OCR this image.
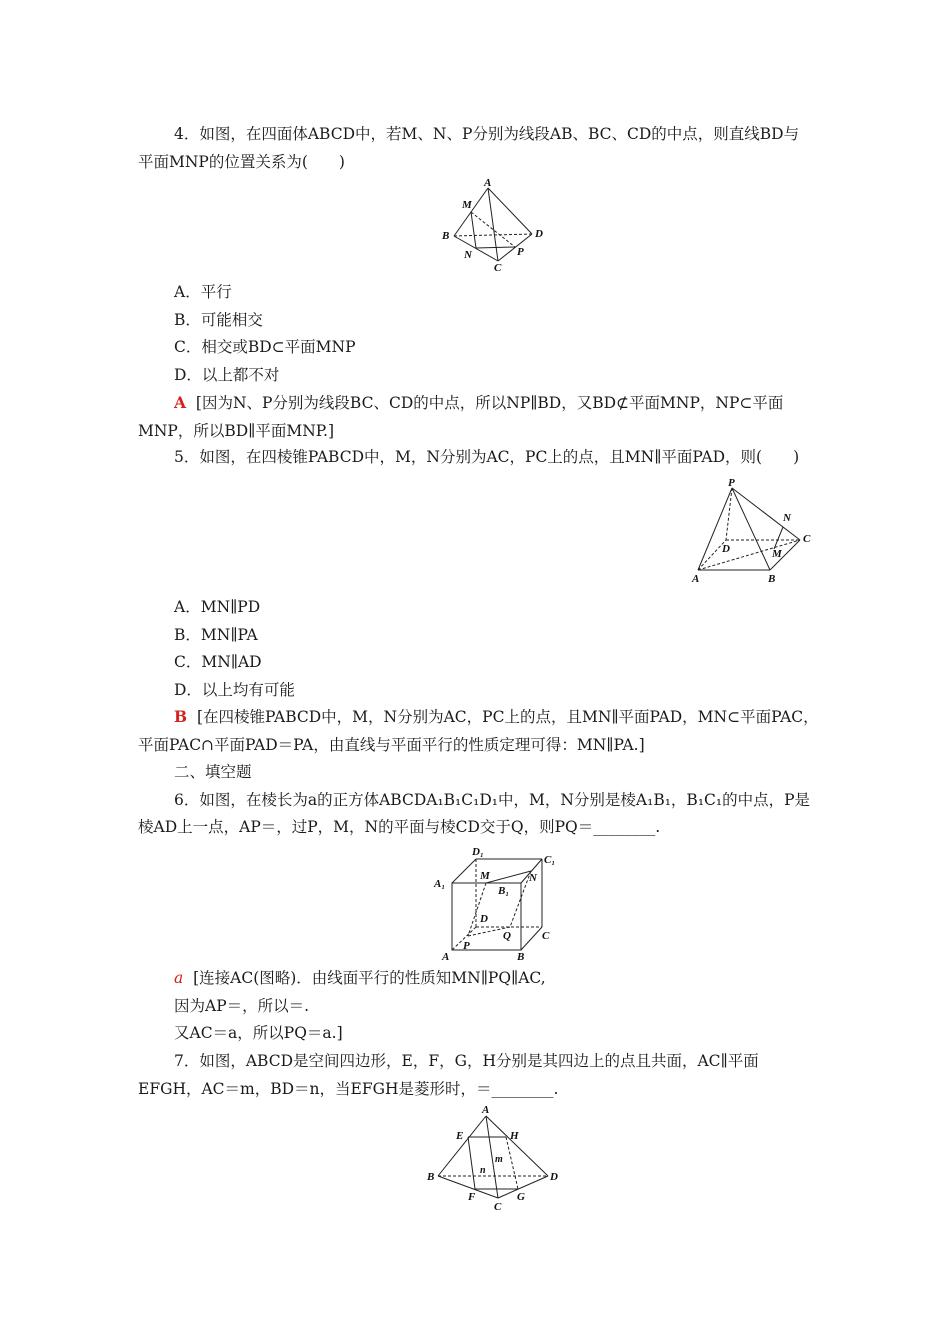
4．如图，在四面体ABCD中，若M、N、P分别为线段AB、BC、CD的中点，则直线BD与
平面MNP的位置关系为(　　)
A
M
B	D
N
C
P
A．平行
B．可能相交
C．相交或BD⊂平面MNP
D．以上都不对
A [因为N、P分别为线段BC、CD的中点，所以NP∥BD，又BD⊄平面MNP，NP⊂平面
MNP，所以BD∥平面MNP.]
5．如图，在四棱锥PABCD中，M，N分别为AC，PC上的点，且MN∥平面PAD，则(　　)
P
N
C
D	M
A	B
A．MN∥PD
B．MN∥PA
C．MN∥AD
D．以上均有可能
B [在四棱锥PABCD中，M，N分别为AC，PC上的点，且MN∥平面PAD，MN⊂平面PAC，
平面PAC∩平面PAD＝PA，由直线与平面平行的性质定理可得：MN∥PA.]
二、填空题
6．如图，在棱长为a的正方体ABCDA₁B₁C₁D₁中，M，N分别是棱A₁B₁，B₁C₁的中点，P是
棱AD上一点，AP＝，过P，M，N的平面与棱CD交于Q，则PQ＝________.
D₁
C₁
A₁
M
B₁
N
D
Q	C
P
A	B
a [连接AC(图略)．由线面平行的性质知MN∥PQ∥AC,
因为AP＝，所以＝.
又AC＝a，所以PQ＝a.]
7．如图，ABCD是空间四边形，E，F，G，H分别是其四边上的点且共面，AC∥平面
EFGH，AC＝m，BD＝n，当EFGH是菱形时，＝________.
A
E	H
m
n
B	D
F	G
C
